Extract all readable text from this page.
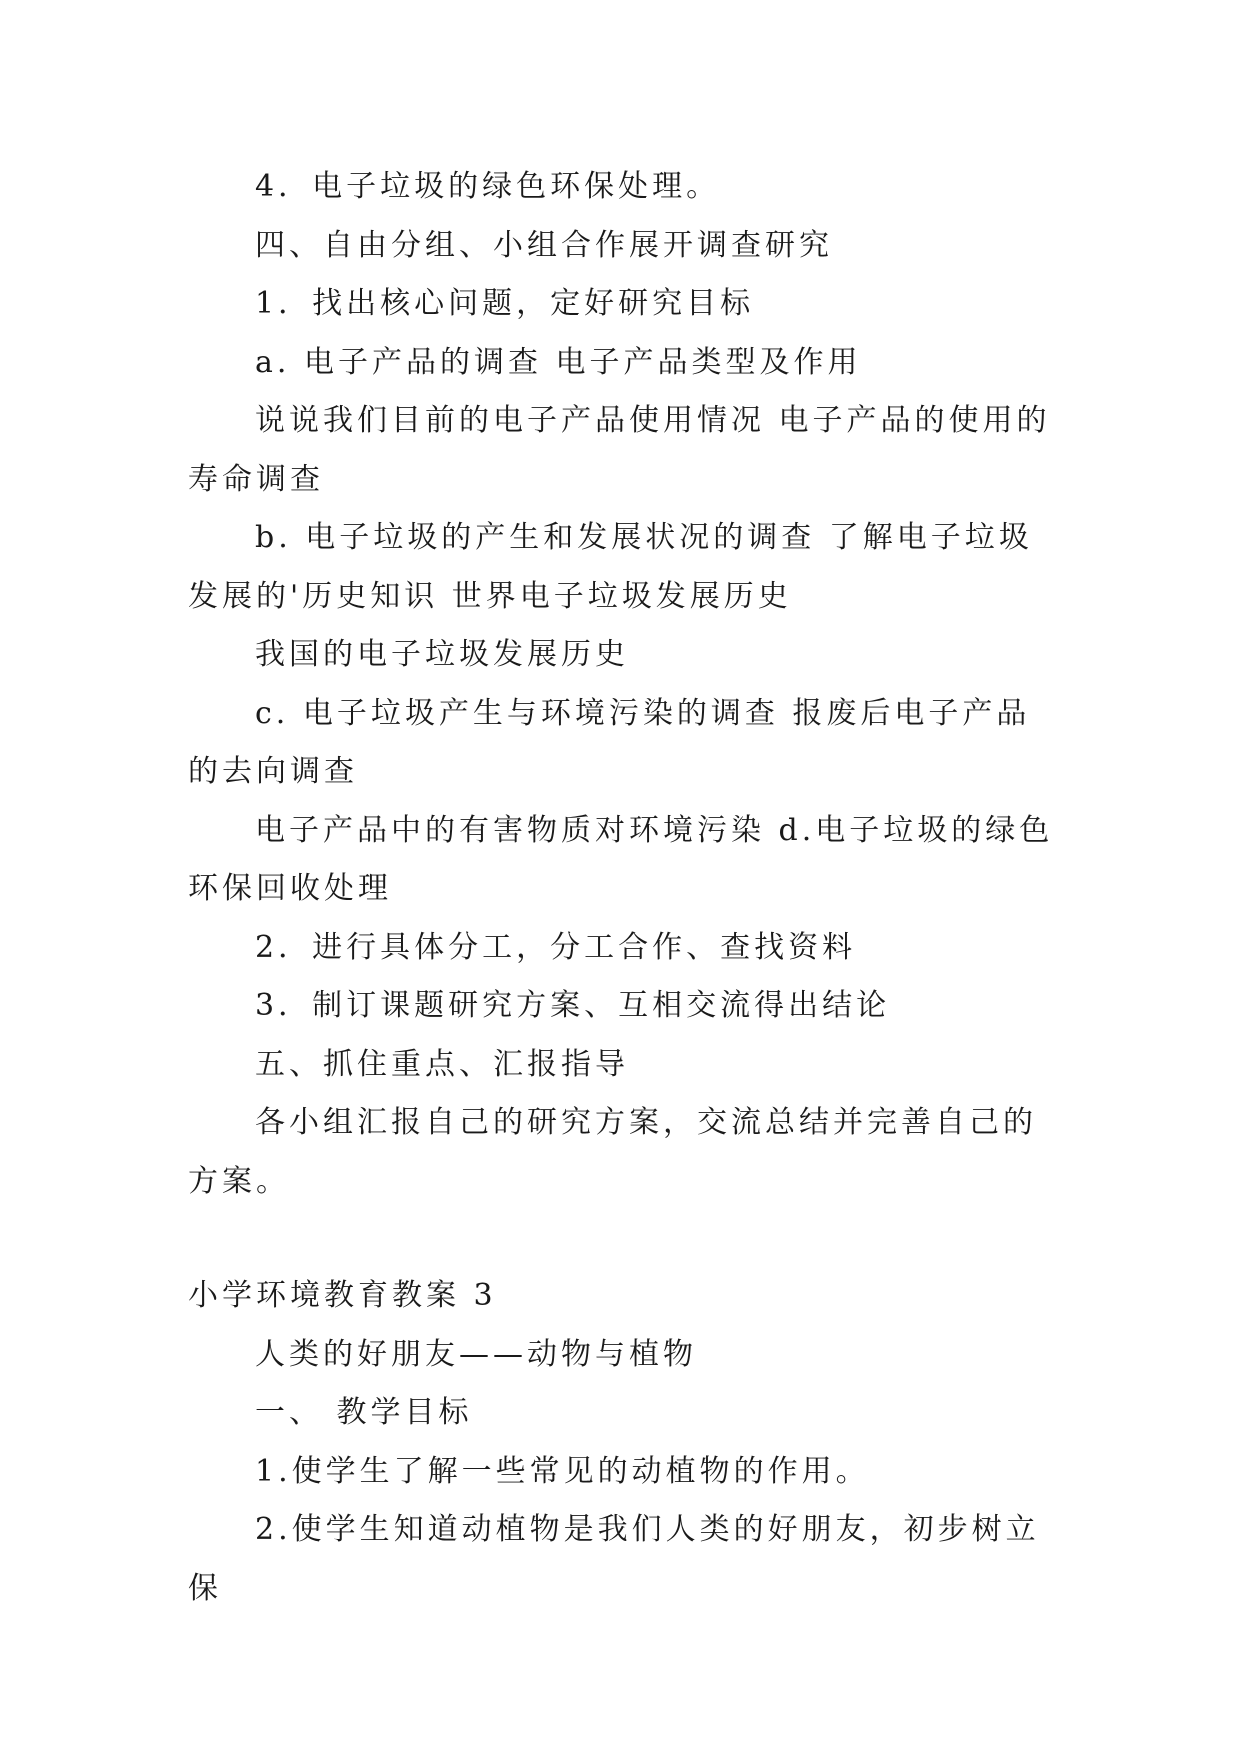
4．电子垃圾的绿色环保处理。

四、自由分组、小组合作展开调查研究

1．找出核心问题，定好研究目标

a. 电子产品的调查 电子产品类型及作用

说说我们目前的电子产品使用情况 电子产品的使用的寿命调查

b. 电子垃圾的产生和发展状况的调查 了解电子垃圾发展的'历史知识 世界电子垃圾发展历史

我国的电子垃圾发展历史

c. 电子垃圾产生与环境污染的调查 报废后电子产品的去向调查

电子产品中的有害物质对环境污染 d.电子垃圾的绿色环保回收处理

2．进行具体分工，分工合作、查找资料

3．制订课题研究方案、互相交流得出结论

五、抓住重点、汇报指导

各小组汇报自己的研究方案，交流总结并完善自己的方案。

小学环境教育教案 3

人类的好朋友——动物与植物

一、 教学目标

1.使学生了解一些常见的动植物的作用。

2.使学生知道动植物是我们人类的好朋友，初步树立保
